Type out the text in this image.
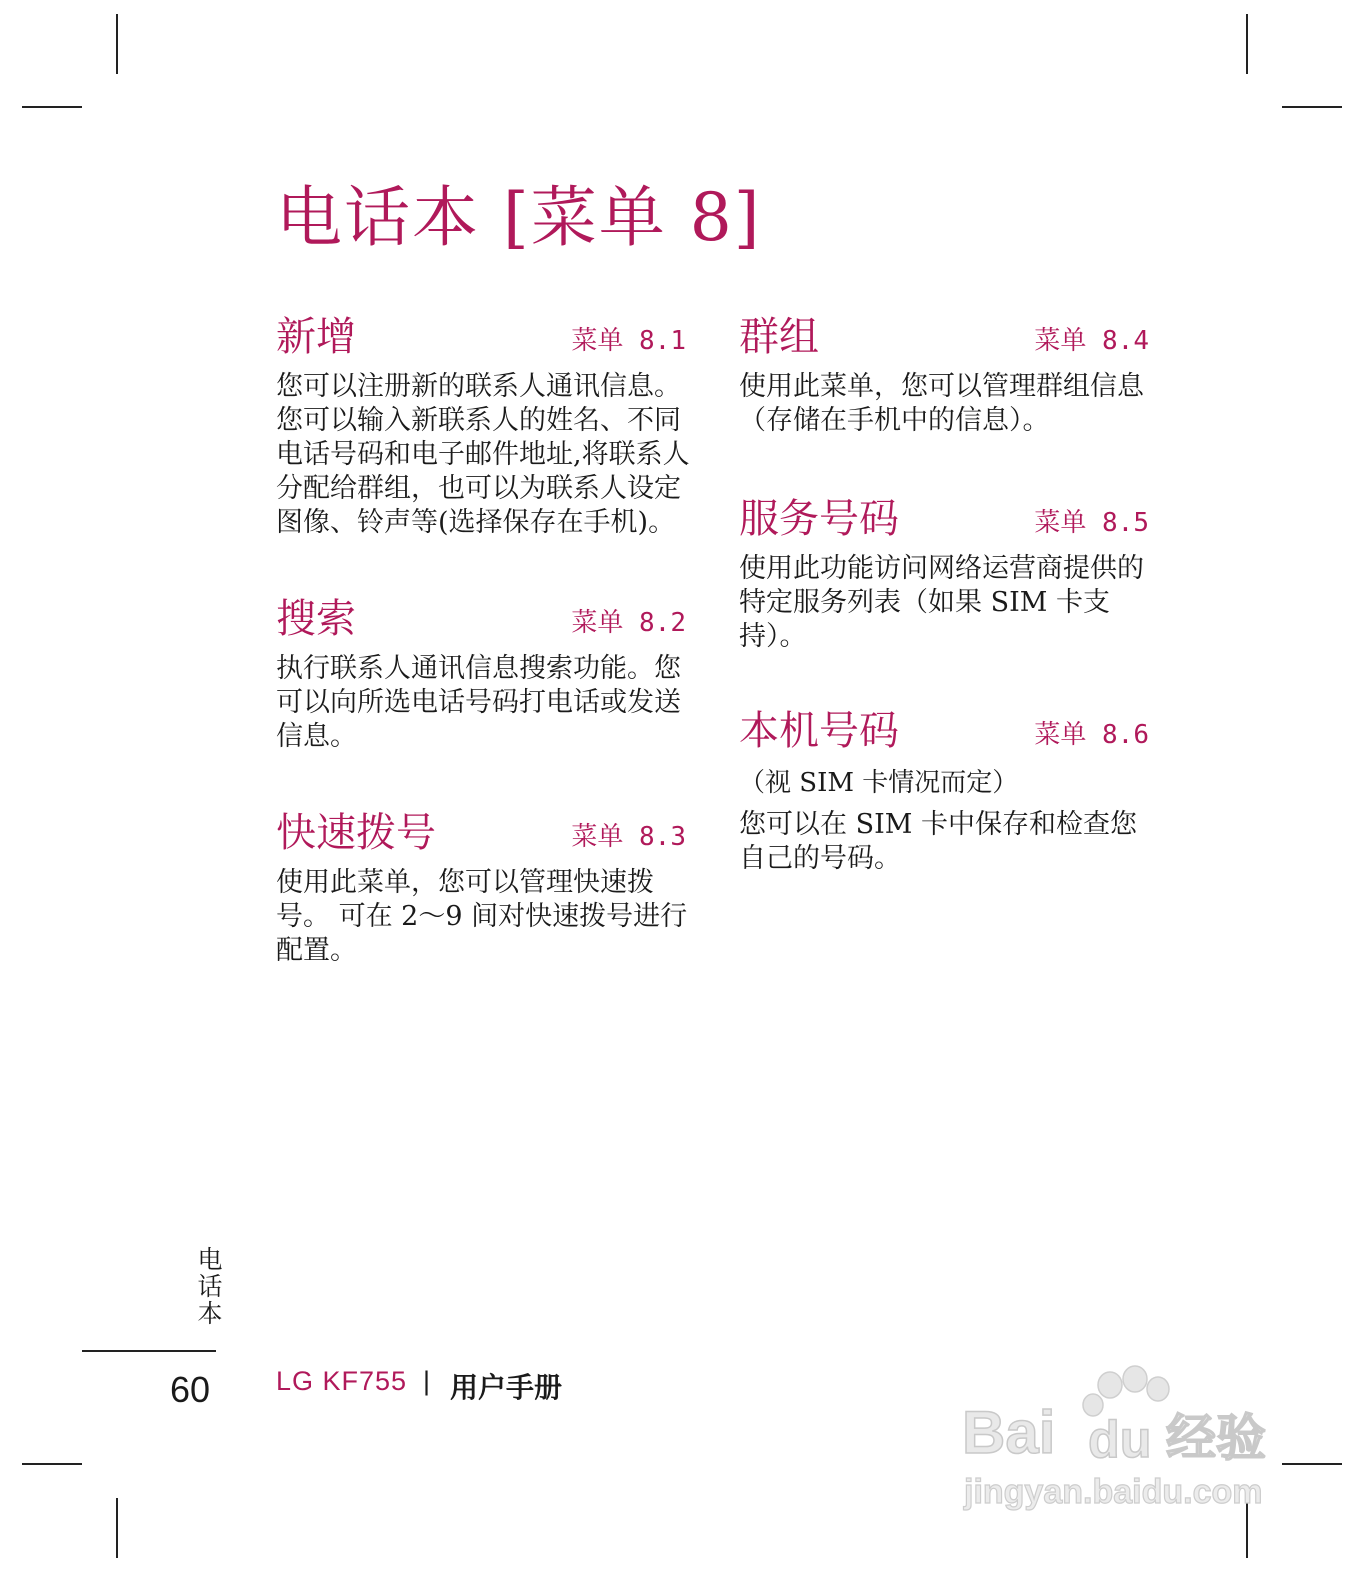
电话本 [菜单 8]
新增	菜单 8.1

您可以注册新的联系人通讯信息。您可以输入新联系人的姓名、不同电话号码和电子邮件地址,将联系人分配给群组，也可以为联系人设定图像、铃声等(选择保存在手机)。

搜索	菜单 8.2

执行联系人通讯信息搜索功能。您可以向所选电话号码打电话或发送信息。

快速拨号	菜单 8.3

使用此菜单，您可以管理快速拨号。 可在 2～9 间对快速拨号进行配置。

群组	菜单 8.4

使用此菜单，您可以管理群组信息（存储在手机中的信息）。

服务号码	菜单 8.5

使用此功能访问网络运营商提供的特定服务列表（如果 SIM 卡支持）。

本机号码	菜单 8.6

（视 SIM 卡情况而定）

您可以在 SIM 卡中保存和检查您自己的号码。

电话本
60 LG KF755 | 用户手册
Bai du 经验
jingyan.baidu.com
